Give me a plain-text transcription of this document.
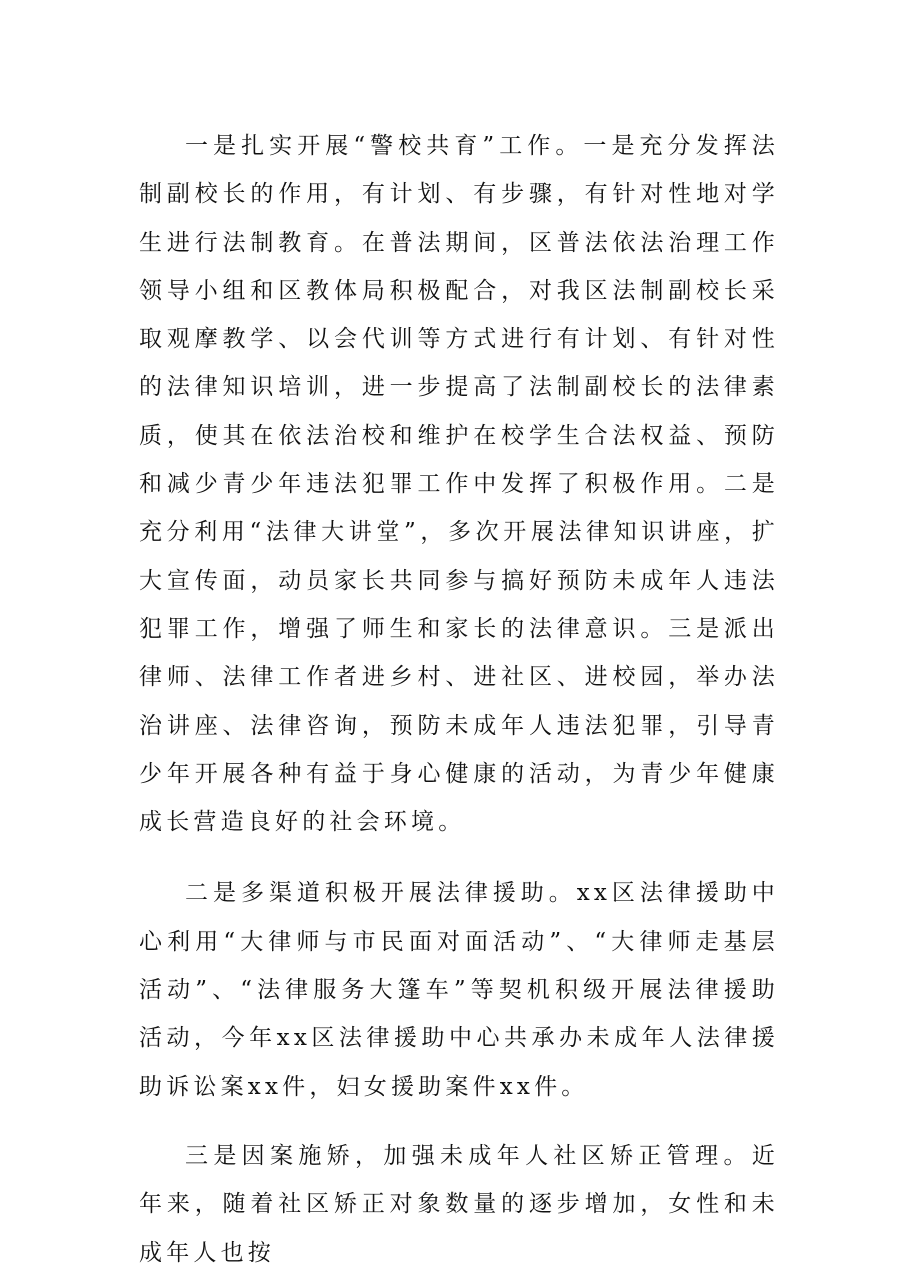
一是扎实开展“警校共育”工作。一是充分发挥法制副校长的作用，有计划、有步骤，有针对性地对学生进行法制教育。在普法期间，区普法依法治理工作领导小组和区教体局积极配合，对我区法制副校长采取观摩教学、以会代训等方式进行有计划、有针对性的法律知识培训，进一步提高了法制副校长的法律素质，使其在依法治校和维护在校学生合法权益、预防和减少青少年违法犯罪工作中发挥了积极作用。二是充分利用“法律大讲堂”，多次开展法律知识讲座，扩大宣传面，动员家长共同参与搞好预防未成年人违法犯罪工作，增强了师生和家长的法律意识。三是派出律师、法律工作者进乡村、进社区、进校园，举办法治讲座、法律咨询，预防未成年人违法犯罪，引导青少年开展各种有益于身心健康的活动，为青少年健康成长营造良好的社会环境。

二是多渠道积极开展法律援助。xx区法律援助中心利用“大律师与市民面对面活动”、“大律师走基层活动”、“法律服务大篷车”等契机积级开展法律援助活动，今年xx区法律援助中心共承办未成年人法律援助诉讼案xx件，妇女援助案件xx件。

三是因案施矫，加强未成年人社区矫正管理。近年来，随着社区矫正对象数量的逐步增加，女性和未成年人也按
